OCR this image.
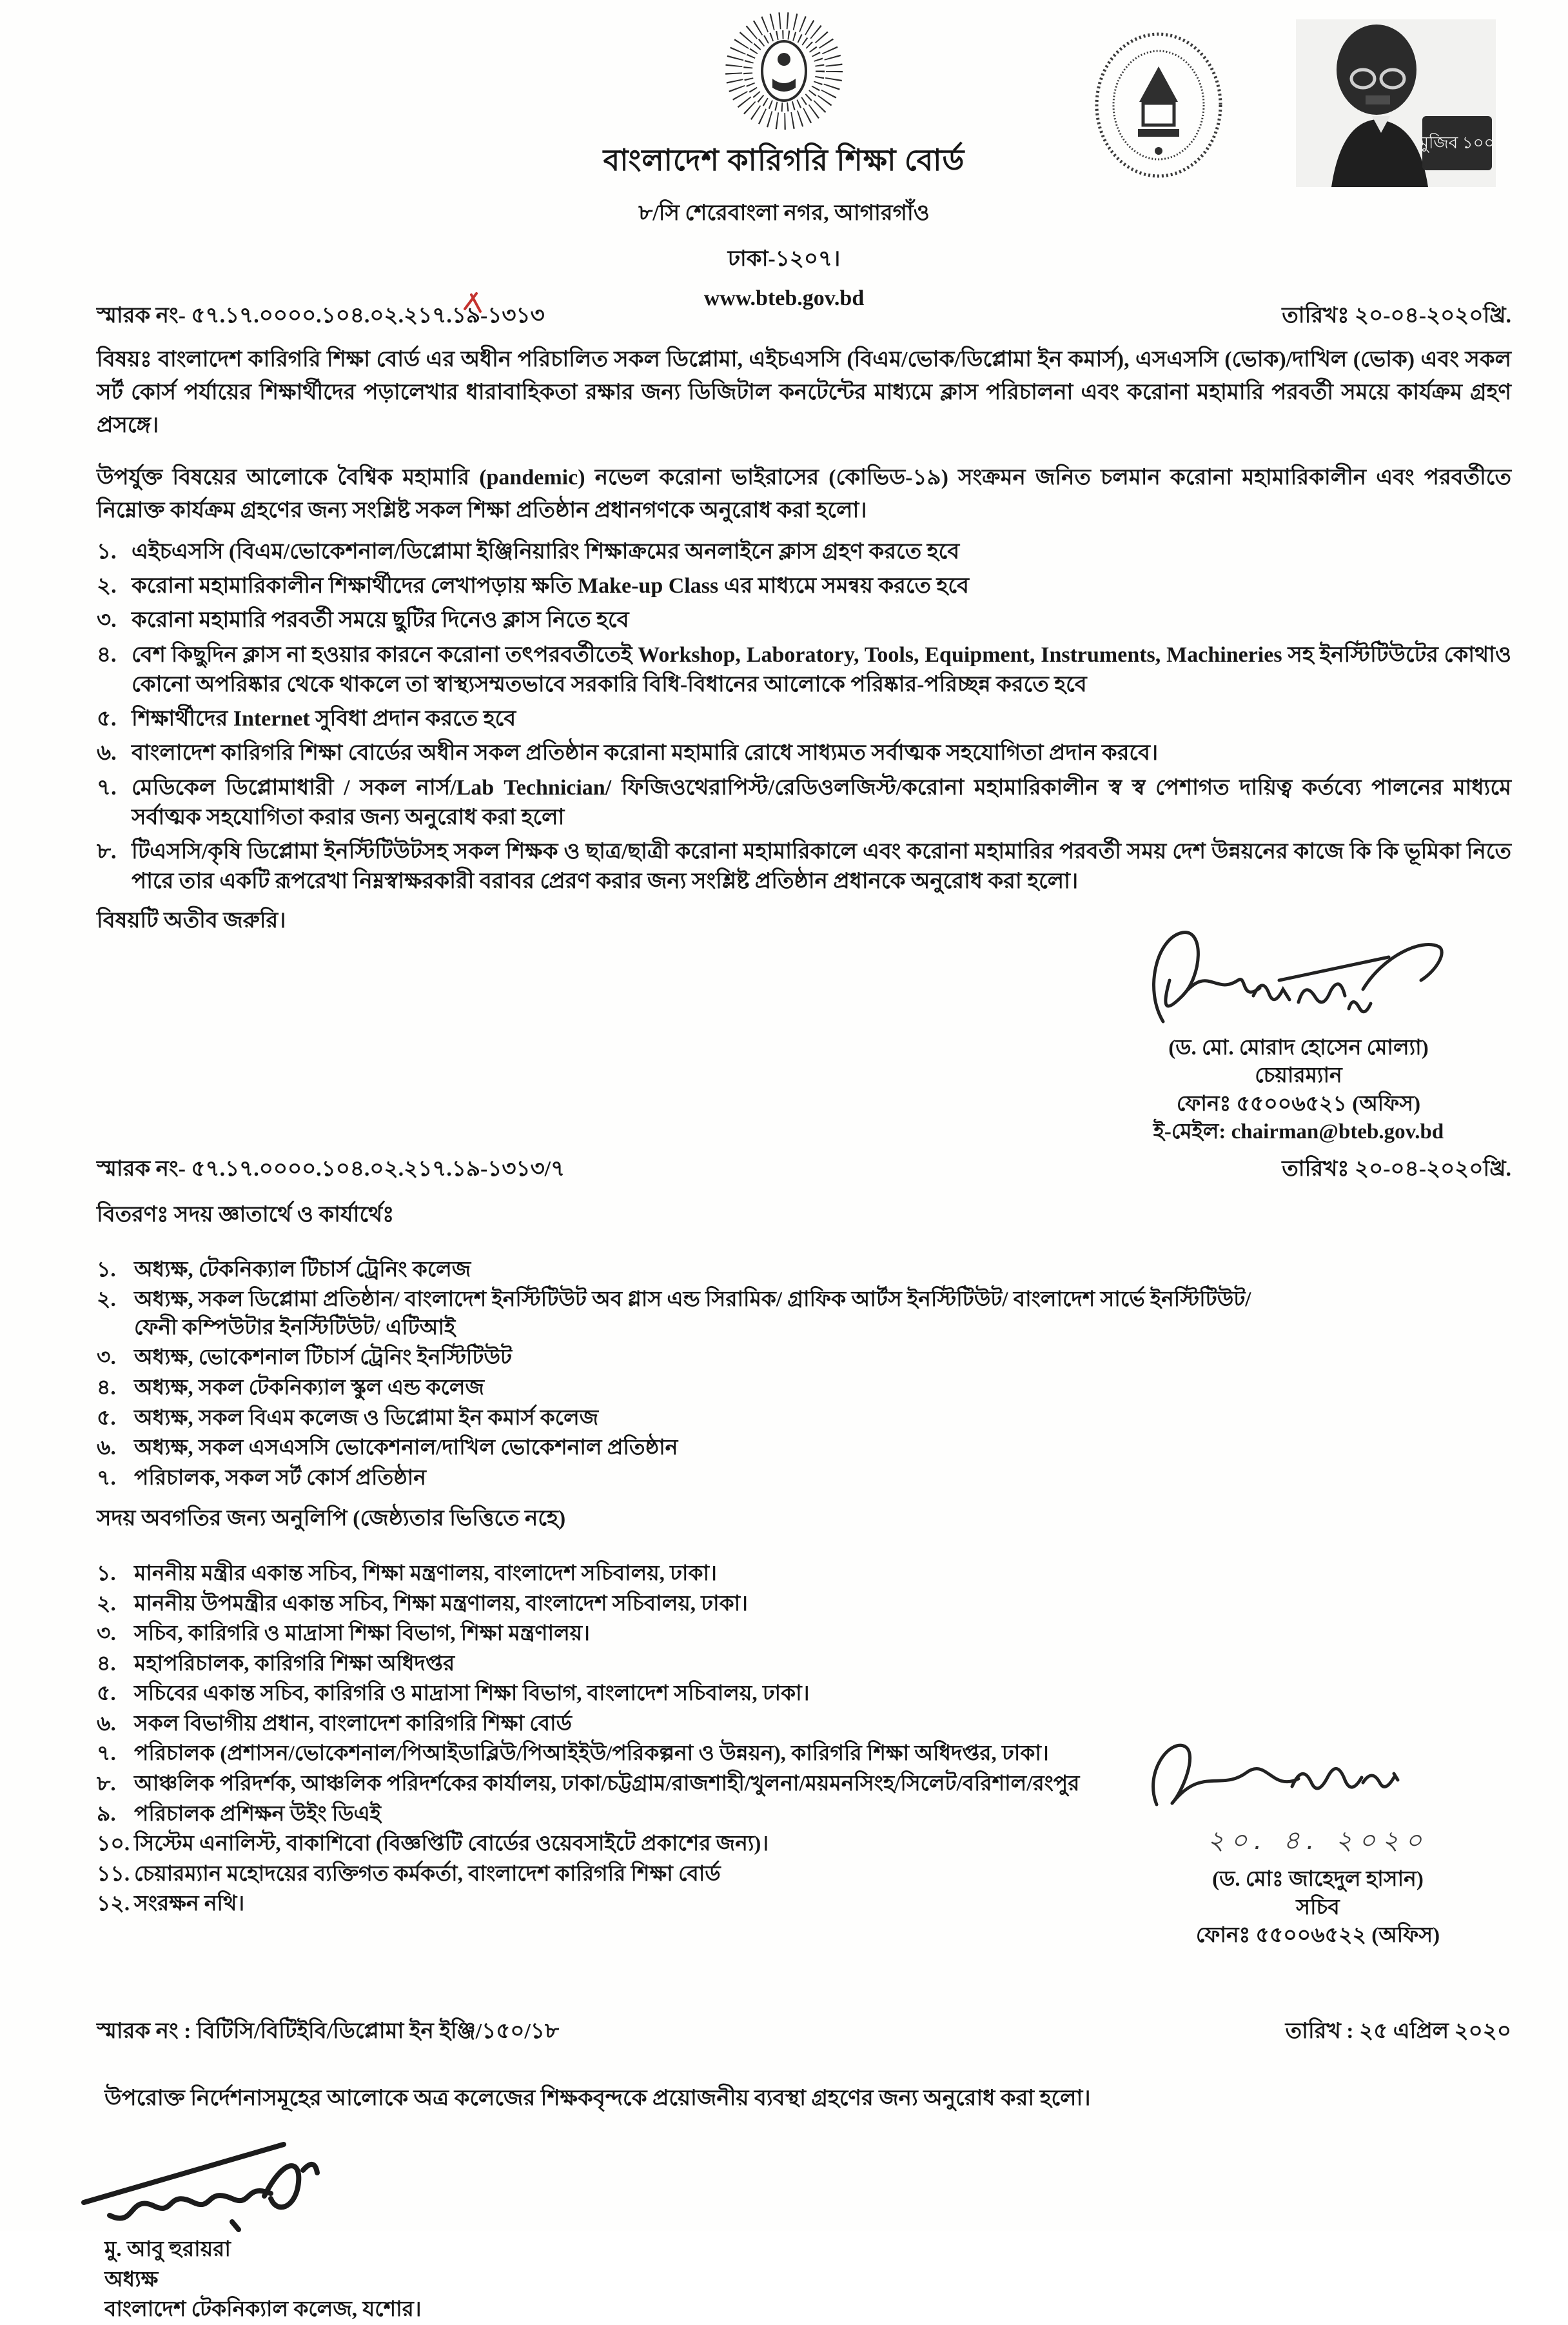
বাংলাদেশ কারিগরি শিক্ষা বোর্ড
৮/সি শেরেবাংলা নগর, আগারগাঁও
ঢাকা-১২০৭।
www.bteb.gov.bd
মুজিব ১০০
স্মারক নং- ৫৭.১৭.০০০০.১০৪.০২.২১৭.১৯-১৩১৩	তারিখঃ ২০-০৪-২০২০খ্রি.

বিষয়ঃ বাংলাদেশ কারিগরি শিক্ষা বোর্ড এর অধীন পরিচালিত সকল ডিপ্লোমা, এইচএসসি (বিএম/ভোক/ডিপ্লোমা ইন কমার্স), এসএসসি (ভোক)/দাখিল (ভোক) এবং সকল সর্ট কোর্স পর্যায়ের শিক্ষার্থীদের পড়ালেখার ধারাবাহিকতা রক্ষার জন্য ডিজিটাল কনটেন্টের মাধ্যমে ক্লাস পরিচালনা এবং করোনা মহামারি পরবর্তী সময়ে কার্যক্রম গ্রহণ প্রসঙ্গে।

উপর্যুক্ত বিষয়ের আলোকে বৈশ্বিক মহামারি (pandemic) নভেল করোনা ভাইরাসের (কোভিড-১৯) সংক্রমন জনিত চলমান করোনা মহামারিকালীন এবং পরবর্তীতে নিম্নোক্ত কার্যক্রম গ্রহণের জন্য সংশ্লিষ্ট সকল শিক্ষা প্রতিষ্ঠান প্রধানগণকে অনুরোধ করা হলো।

১. এইচএসসি (বিএম/ভোকেশনাল/ডিপ্লোমা ইঞ্জিনিয়ারিং শিক্ষাক্রমের অনলাইনে ক্লাস গ্রহণ করতে হবে
২. করোনা মহামারিকালীন শিক্ষার্থীদের লেখাপড়ায় ক্ষতি Make-up Class এর মাধ্যমে সমন্বয় করতে হবে
৩. করোনা মহামারি পরবর্তী সময়ে ছুটির দিনেও ক্লাস নিতে হবে
৪. বেশ কিছুদিন ক্লাস না হওয়ার কারনে করোনা তৎপরবর্তীতেই Workshop, Laboratory, Tools, Equipment, Instruments, Machineries সহ ইনস্টিটিউটের কোথাও কোনো অপরিষ্কার থেকে থাকলে তা স্বাস্থ্যসম্মতভাবে সরকারি বিধি-বিধানের আলোকে পরিষ্কার-পরিচ্ছন্ন করতে হবে
৫. শিক্ষার্থীদের Internet সুবিধা প্রদান করতে হবে
৬. বাংলাদেশ কারিগরি শিক্ষা বোর্ডের অধীন সকল প্রতিষ্ঠান করোনা মহামারি রোধে সাধ্যমত সর্বাত্মক সহযোগিতা প্রদান করবে।
৭. মেডিকেল ডিপ্লোমাধারী / সকল নার্স/Lab Technician/ ফিজিওথেরাপিস্ট/রেডিওলজিস্ট/করোনা মহামারিকালীন স্ব স্ব পেশাগত দায়িত্ব কর্তব্যে পালনের মাধ্যমে সর্বাত্মক সহযোগিতা করার জন্য অনুরোধ করা হলো
৮. টিএসসি/কৃষি ডিপ্লোমা ইনস্টিটিউটসহ সকল শিক্ষক ও ছাত্র/ছাত্রী করোনা মহামারিকালে এবং করোনা মহামারির পরবর্তী সময় দেশ উন্নয়নের কাজে কি কি ভূমিকা নিতে পারে তার একটি রূপরেখা নিম্নস্বাক্ষরকারী বরাবর প্রেরণ করার জন্য সংশ্লিষ্ট প্রতিষ্ঠান প্রধানকে অনুরোধ করা হলো।

বিষয়টি অতীব জরুরি।

(ড. মো. মোরাদ হোসেন মোল্যা)
চেয়ারম্যান
ফোনঃ ৫৫০০৬৫২১ (অফিস)
ই-মেইল: chairman@bteb.gov.bd
স্মারক নং- ৫৭.১৭.০০০০.১০৪.০২.২১৭.১৯-১৩১৩/৭	তারিখঃ ২০-০৪-২০২০খ্রি.

বিতরণঃ সদয় জ্ঞাতার্থে ও কার্যার্থেঃ

১. অধ্যক্ষ, টেকনিক্যাল টিচার্স ট্রেনিং কলেজ
২. অধ্যক্ষ, সকল ডিপ্লোমা প্রতিষ্ঠান/ বাংলাদেশ ইনস্টিটিউট অব গ্লাস এন্ড সিরামিক/ গ্রাফিক আর্টস ইনস্টিটিউট/ বাংলাদেশ সার্ভে ইনস্টিটিউট/ ফেনী কম্পিউটার ইনস্টিটিউট/ এটিআই
৩. অধ্যক্ষ, ভোকেশনাল টিচার্স ট্রেনিং ইনস্টিটিউট
৪. অধ্যক্ষ, সকল টেকনিক্যাল স্কুল এন্ড কলেজ
৫. অধ্যক্ষ, সকল বিএম কলেজ ও ডিপ্লোমা ইন কমার্স কলেজ
৬. অধ্যক্ষ, সকল এসএসসি ভোকেশনাল/দাখিল ভোকেশনাল প্রতিষ্ঠান
৭. পরিচালক, সকল সর্ট কোর্স প্রতিষ্ঠান

সদয় অবগতির জন্য অনুলিপি (জেষ্ঠ্যতার ভিত্তিতে নহে)

১. মাননীয় মন্ত্রীর একান্ত সচিব, শিক্ষা মন্ত্রণালয়, বাংলাদেশ সচিবালয়, ঢাকা।
২. মাননীয় উপমন্ত্রীর একান্ত সচিব, শিক্ষা মন্ত্রণালয়, বাংলাদেশ সচিবালয়, ঢাকা।
৩. সচিব, কারিগরি ও মাদ্রাসা শিক্ষা বিভাগ, শিক্ষা মন্ত্রণালয়।
৪. মহাপরিচালক, কারিগরি শিক্ষা অধিদপ্তর
৫. সচিবের একান্ত সচিব, কারিগরি ও মাদ্রাসা শিক্ষা বিভাগ, বাংলাদেশ সচিবালয়, ঢাকা।
৬. সকল বিভাগীয় প্রধান, বাংলাদেশ কারিগরি শিক্ষা বোর্ড
৭. পরিচালক (প্রশাসন/ভোকেশনাল/পিআইডাব্লিউ/পিআইইউ/পরিকল্পনা ও উন্নয়ন), কারিগরি শিক্ষা অধিদপ্তর, ঢাকা।
৮. আঞ্চলিক পরিদর্শক, আঞ্চলিক পরিদর্শকের কার্যালয়, ঢাকা/চট্টগ্রাম/রাজশাহী/খুলনা/ময়মনসিংহ/সিলেট/বরিশাল/রংপুর
৯. পরিচালক প্রশিক্ষন উইং ডিএই
১০. সিস্টেম এনালিস্ট, বাকাশিবো (বিজ্ঞপ্তিটি বোর্ডের ওয়েবসাইটে প্রকাশের জন্য)।
১১. চেয়ারম্যান মহোদয়ের ব্যক্তিগত কর্মকর্তা, বাংলাদেশ কারিগরি শিক্ষা বোর্ড
১২. সংরক্ষন নথি।
২০. ৪. ২০২০
(ড. মোঃ জাহেদুল হাসান)
সচিব
ফোনঃ ৫৫০০৬৫২২ (অফিস)
স্মারক নং : বিটিসি/বিটিইবি/ডিপ্লোমা ইন ইঞ্জি/১৫০/১৮	তারিখ : ২৫ এপ্রিল ২০২০

উপরোক্ত নির্দেশনাসমূহের আলোকে অত্র কলেজের শিক্ষকবৃন্দকে প্রয়োজনীয় ব্যবস্থা গ্রহণের জন্য অনুরোধ করা হলো।

মু. আবু হুরায়রা
অধ্যক্ষ
বাংলাদেশ টেকনিক্যাল কলেজ, যশোর।
